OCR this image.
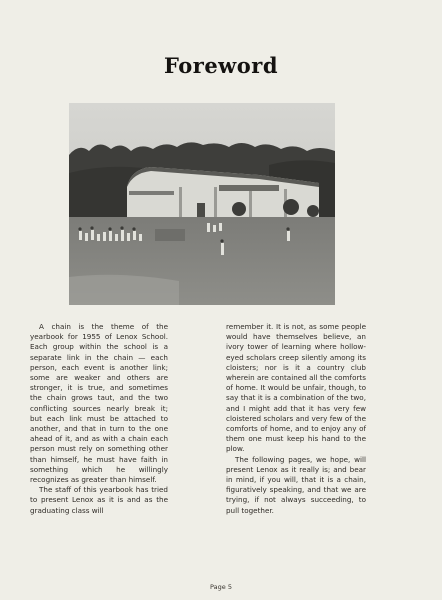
Foreword

A chain is the theme of the yearbook for 1955 of Lenox School. Each group within the school is a separate link in the chain — each person, each event is another link; some are weaker and others are stronger, it is true, and sometimes the chain grows taut, and the two conflicting sources nearly break it; but each link must be attached to another, and that in turn to the one ahead of it, and as with a chain each person must rely on something other than himself, he must have faith in something which he willingly recognizes as greater than himself.

The staff of this yearbook has tried to present Lenox as it is and as the graduating class will

remember it. It is not, as some people would have themselves believe, an ivory tower of learning where hollow-eyed scholars creep silently among its cloisters; nor is it a country club wherein are contained all the comforts of home. It would be unfair, though, to say that it is a combination of the two, and I might add that it has very few cloistered scholars and very few of the comforts of home, and to enjoy any of them one must keep his hand to the plow.

The following pages, we hope, will present Lenox as it really is; and bear in mind, if you will, that it is a chain, figuratively speaking, and that we are trying, if not always succeeding, to pull together.

Page 5
